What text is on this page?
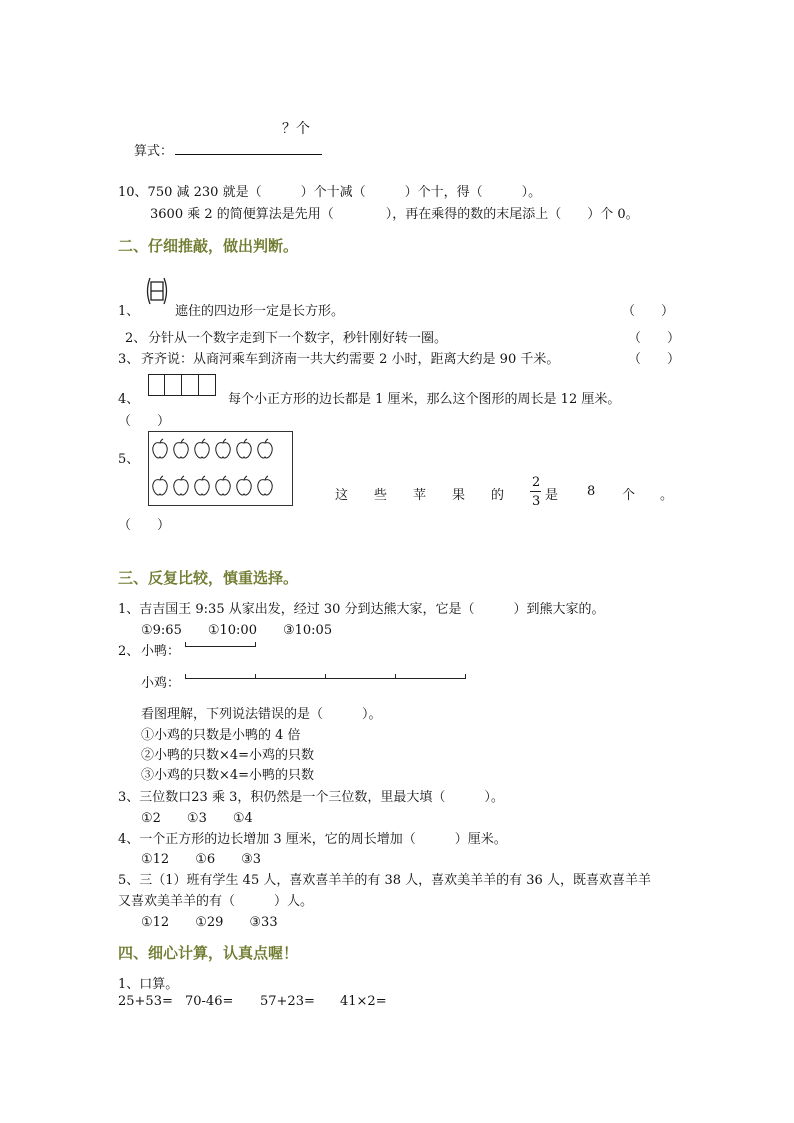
？个
算式：
10、750 减 230 就是（　　　）个十减（　　　）个十，得（　　　）。
3600 乘 2 的简便算法是先用（　　　　），再在乘得的数的末尾添上（　　）个 0。
二、仔细推敲，做出判断。
1、	遮住的四边形一定是长方形。	（　　）
2、 分针从一个数字走到下一个数字，秒针刚好转一圈。	（　　）
3、 齐齐说：从商河乘车到济南一共大约需要 2 小时，距离大约是 90 千米。	（　　）
4、	每个小正方形的边长都是 1 厘米，那么这个图形的周长是 12 厘米。
（　　）
5、
这 些 苹 果 的
2
3 是 8 个 。
（　　）
三、反复比较，慎重选择。
1、吉吉国王 9:35 从家出发，经过 30 分到达熊大家，它是（　　　）到熊大家的。
①9:65　　①10:00　　③10:05
2、 小鸭：
小鸡：
看图理解，下列说法错误的是（　　　）。
①小鸡的只数是小鸭的 4 倍
②小鸭的只数×4=小鸡的只数
③小鸡的只数×4=小鸭的只数
3、三位数口23 乘 3，积仍然是一个三位数，里最大填（　　　）。
①2　　①3　　①4
4、一个正方形的边长增加 3 厘米，它的周长增加（　　　）厘米。
①12　　①6　　③3
5、三（1）班有学生 45 人，喜欢喜羊羊的有 38 人，喜欢美羊羊的有 36 人，既喜欢喜羊羊
又喜欢美羊羊的有（　　　）人。
①12　　①29　　③33
四、细心计算，认真点喔！
1、口算。
25+53= 70-46= 57+23= 41×2=
